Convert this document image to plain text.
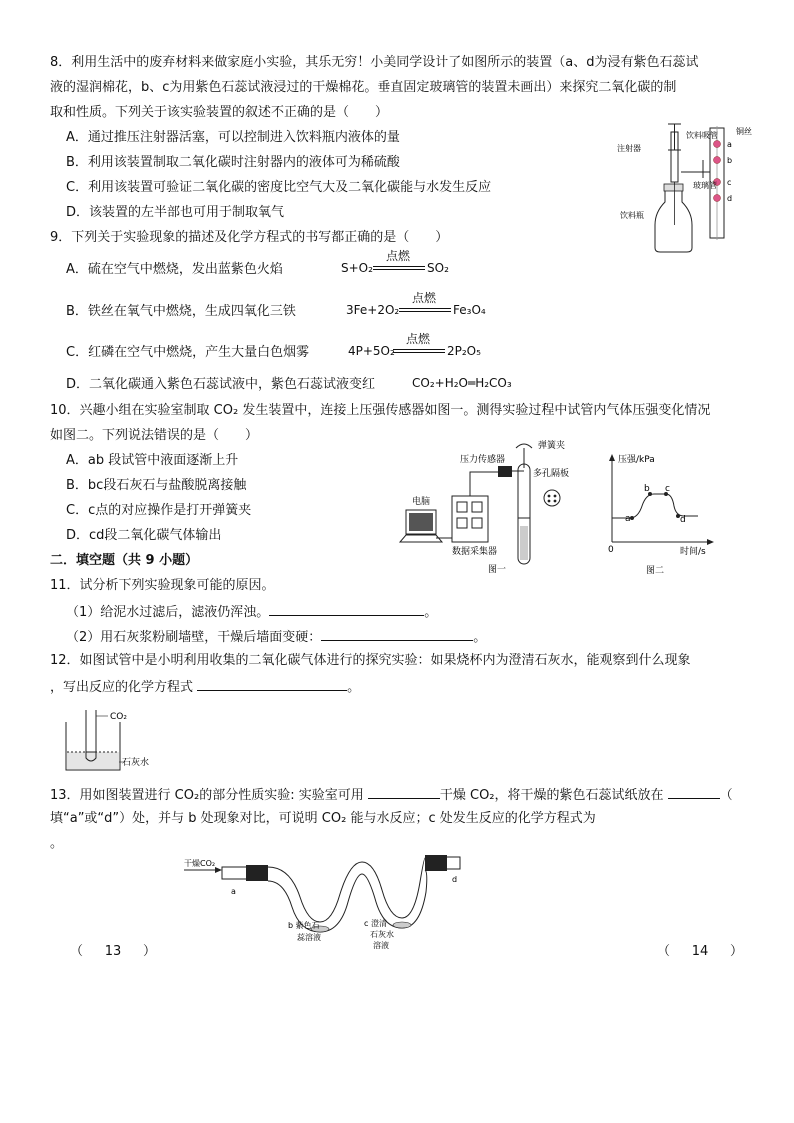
8．利用生活中的废弃材料来做家庭小实验，其乐无穷！小美同学设计了如图所示的装置（a、d为浸有紫色石蕊试
液的湿润棉花，b、c为用紫色石蕊试液浸过的干燥棉花。垂直固定玻璃管的装置未画出）来探究二氧化碳的制
取和性质。下列关于该实验装置的叙述不正确的是（　　）
A．通过推压注射器活塞，可以控制进入饮料瓶内液体的量
B．利用该装置制取二氧化碳时注射器内的液体可为稀硫酸
C．利用该装置可验证二氧化碳的密度比空气大及二氧化碳能与水发生反应
D．该装置的左半部也可用于制取氧气
注射器
饮料吸管
玻璃管
铜丝
饮料瓶
a
b
c
d
9．下列关于实验现象的描述及化学方程式的书写都正确的是（　　）
A．硫在空气中燃烧，发出蓝紫色火焰	S+O₂
点燃
SO₂
B．铁丝在氧气中燃烧，生成四氧化三铁	3Fe+2O₂
点燃
Fe₃O₄
C．红磷在空气中燃烧，产生大量白色烟雾	4P+5O₂
点燃
2P₂O₅
D．二氧化碳通入紫色石蕊试液中，紫色石蕊试液变红	CO₂+H₂O═H₂CO₃
10．兴趣小组在实验室制取 CO₂ 发生装置中，连接上压强传感器如图一。测得实验过程中试管内气体压强变化情况
如图二。下列说法错误的是（　　）
A．ab 段试管中液面逐渐上升
B．bc段石灰石与盐酸脱离接触
C．c点的对应操作是打开弹簧夹
D．cd段二氧化碳气体输出
压力传感器
弹簧夹
多孔隔板
电脑
数据采集器
图一
压强/kPa
时间/s
0
a
b c
d
图二
二．填空题（共 9 小题）
11．试分析下列实验现象可能的原因。
（1）给泥水过滤后，滤液仍浑浊。	。
（2）用石灰浆粉刷墙壁，干燥后墙面变硬：	。
12．如图试管中是小明利用收集的二氧化碳气体进行的探究实验：如果烧杯内为澄清石灰水，能观察到什么现象
，写出反应的化学方程式	。
CO₂
石灰水
13．用如图装置进行 CO₂的部分性质实验: 实验室可用	干燥 CO₂，将干燥的紫色石蕊试纸放在	（
填“a”或“d”）处，并与 b 处现象对比，可说明 CO₂ 能与水反应；c 处发生反应的化学方程式为
。
干燥CO₂
a
d
b 紫色石
蕊溶液
c 澄清
石灰水
溶液
（ 13 ）	（ 14 ）
